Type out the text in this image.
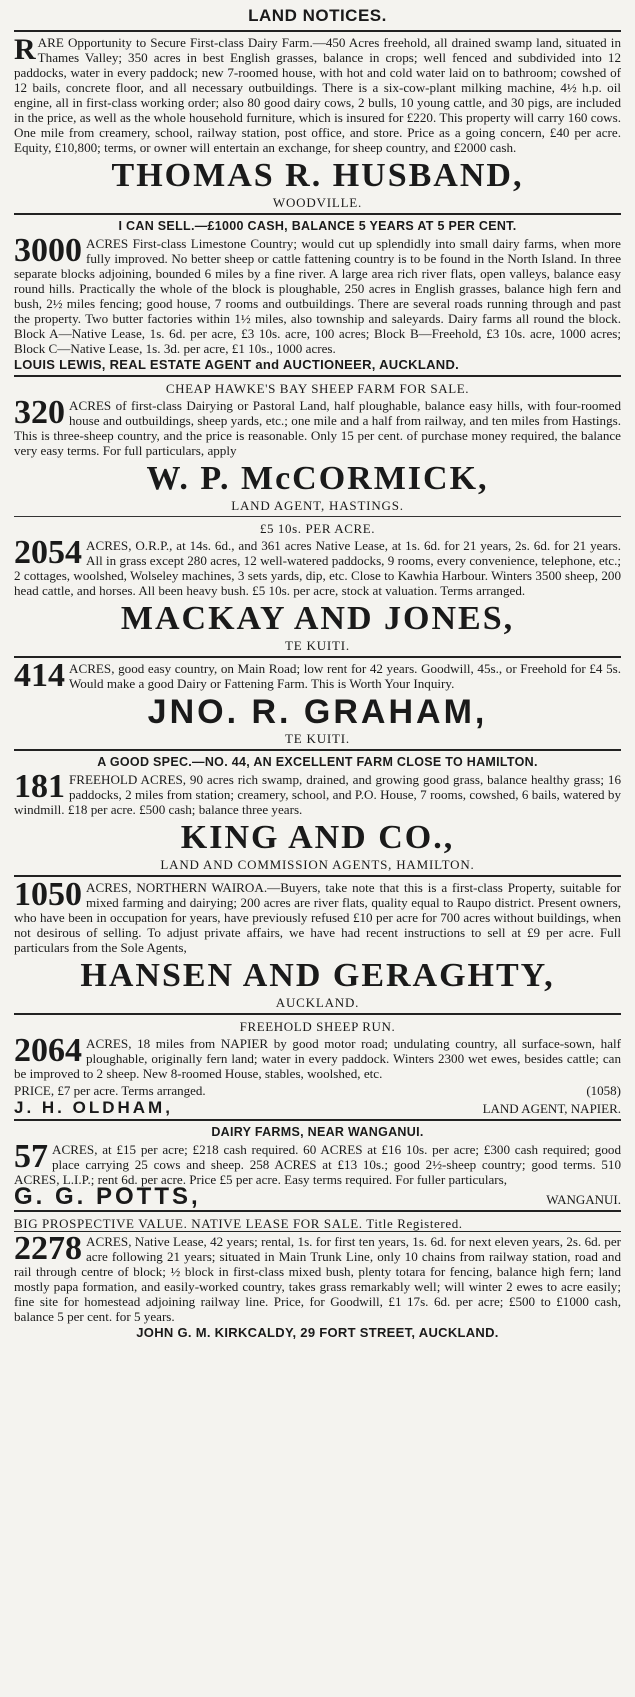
LAND NOTICES.

RARE Opportunity to Secure First-class Dairy Farm.—450 Acres freehold, all drained swamp land, situated in Thames Valley; 350 acres in best English grasses, balance in crops; well fenced and subdivided into 12 paddocks, water in every paddock; new 7-roomed house, with hot and cold water laid on to bathroom; cowshed of 12 bails, concrete floor, and all necessary outbuildings. There is a six-cow-plant milking machine, 4½ h.p. oil engine, all in first-class working order; also 80 good dairy cows, 2 bulls, 10 young cattle, and 30 pigs, are included in the price, as well as the whole household furniture, which is insured for £220. This property will carry 160 cows. One mile from creamery, school, railway station, post office, and store. Price as a going concern, £40 per acre. Equity, £10,800; terms, or owner will entertain an exchange, for sheep country, and £2000 cash.

THOMAS R. HUSBAND,
WOODVILLE.
I CAN SELL.—£1000 CASH, BALANCE 5 YEARS AT 5 PER CENT.

3000 ACRES First-class Limestone Country; would cut up splendidly into small dairy farms, when more fully improved. No better sheep or cattle fattening country is to be found in the North Island. In three separate blocks adjoining, bounded 6 miles by a fine river. A large area rich river flats, open valleys, balance easy round hills. Practically the whole of the block is ploughable, 250 acres in English grasses, balance high fern and bush, 2½ miles fencing; good house, 7 rooms and outbuildings. There are several roads running through and past the property. Two butter factories within 1½ miles, also township and saleyards. Dairy farms all round the block. Block A—Native Lease, 1s. 6d. per acre, £3 10s. acre, 100 acres; Block B—Freehold, £3 10s. acre, 1000 acres; Block C—Native Lease, 1s. 3d. per acre, £1 10s., 1000 acres.

LOUIS LEWIS, REAL ESTATE AGENT and AUCTIONEER, AUCKLAND.
CHEAP HAWKE'S BAY SHEEP FARM FOR SALE.

320 ACRES of first-class Dairying or Pastoral Land, half ploughable, balance easy hills, with four-roomed house and outbuildings, sheep yards, etc.; one mile and a half from railway, and ten miles from Hastings. This is three-sheep country, and the price is reasonable. Only 15 per cent. of purchase money required, the balance very easy terms. For full particulars, apply

W. P. McCORMICK,
LAND AGENT, HASTINGS.
£5 10s. PER ACRE.

2054 ACRES, O.R.P., at 14s. 6d., and 361 acres Native Lease, at 1s. 6d. for 21 years, 2s. 6d. for 21 years. All in grass except 280 acres, 12 well-watered paddocks, 9 rooms, every convenience, telephone, etc.; 2 cottages, woolshed, Wolseley machines, 3 sets yards, dip, etc. Close to Kawhia Harbour. Winters 3500 sheep, 200 head cattle, and horses. All been heavy bush. £5 10s. per acre, stock at valuation. Terms arranged.

MACKAY AND JONES,
TE KUITI.

414 ACRES, good easy country, on Main Road; low rent for 42 years. Goodwill, 45s., or Freehold for £4 5s. Would make a good Dairy or Fattening Farm. This is Worth Your Inquiry.

JNO. R. GRAHAM,
TE KUITI.
A GOOD SPEC.—NO. 44, AN EXCELLENT FARM CLOSE TO HAMILTON.

181 FREEHOLD ACRES, 90 acres rich swamp, drained, and growing good grass, balance healthy grass; 16 paddocks, 2 miles from station; creamery, school, and P.O. House, 7 rooms, cowshed, 6 bails, watered by windmill. £18 per acre. £500 cash; balance three years.

KING AND CO.,
LAND AND COMMISSION AGENTS, HAMILTON.

1050 ACRES, NORTHERN WAIROA.—Buyers, take note that this is a first-class Property, suitable for mixed farming and dairying; 200 acres are river flats, quality equal to Raupo district. Present owners, who have been in occupation for years, have previously refused £10 per acre for 700 acres without buildings, when not desirous of selling. To adjust private affairs, we have had recent instructions to sell at £9 per acre. Full particulars from the Sole Agents,

HANSEN AND GERAGHTY,
AUCKLAND.
FREEHOLD SHEEP RUN.

2064 ACRES, 18 miles from NAPIER by good motor road; undulating country, all surface-sown, half ploughable, originally fern land; water in every paddock. Winters 2300 wet ewes, besides cattle; can be improved to 2 sheep. New 8-roomed House, stables, woolshed, etc.

PRICE, £7 per acre. Terms arranged.	(1058)
J. H. OLDHAM,	LAND AGENT, NAPIER.
DAIRY FARMS, NEAR WANGANUI.

57 ACRES, at £15 per acre; £218 cash required. 60 ACRES at £16 10s. per acre; £300 cash required; good place carrying 25 cows and sheep. 258 ACRES at £13 10s.; good 2½-sheep country; good terms. 510 ACRES, L.I.P.; rent 6d. per acre. Price £5 per acre. Easy terms required. For fuller particulars,

G. G. POTTS,	WANGANUI.
BIG PROSPECTIVE VALUE. NATIVE LEASE FOR SALE. Title Registered.

2278 ACRES, Native Lease, 42 years; rental, 1s. for first ten years, 1s. 6d. for next eleven years, 2s. 6d. per acre following 21 years; situated in Main Trunk Line, only 10 chains from railway station, road and rail through centre of block; ½ block in first-class mixed bush, plenty totara for fencing, balance high fern; land mostly papa formation, and easily-worked country, takes grass remarkably well; will winter 2 ewes to acre easily; fine site for homestead adjoining railway line. Price, for Goodwill, £1 17s. 6d. per acre; £500 to £1000 cash, balance 5 per cent. for 5 years.

JOHN G. M. KIRKCALDY, 29 FORT STREET, AUCKLAND.
